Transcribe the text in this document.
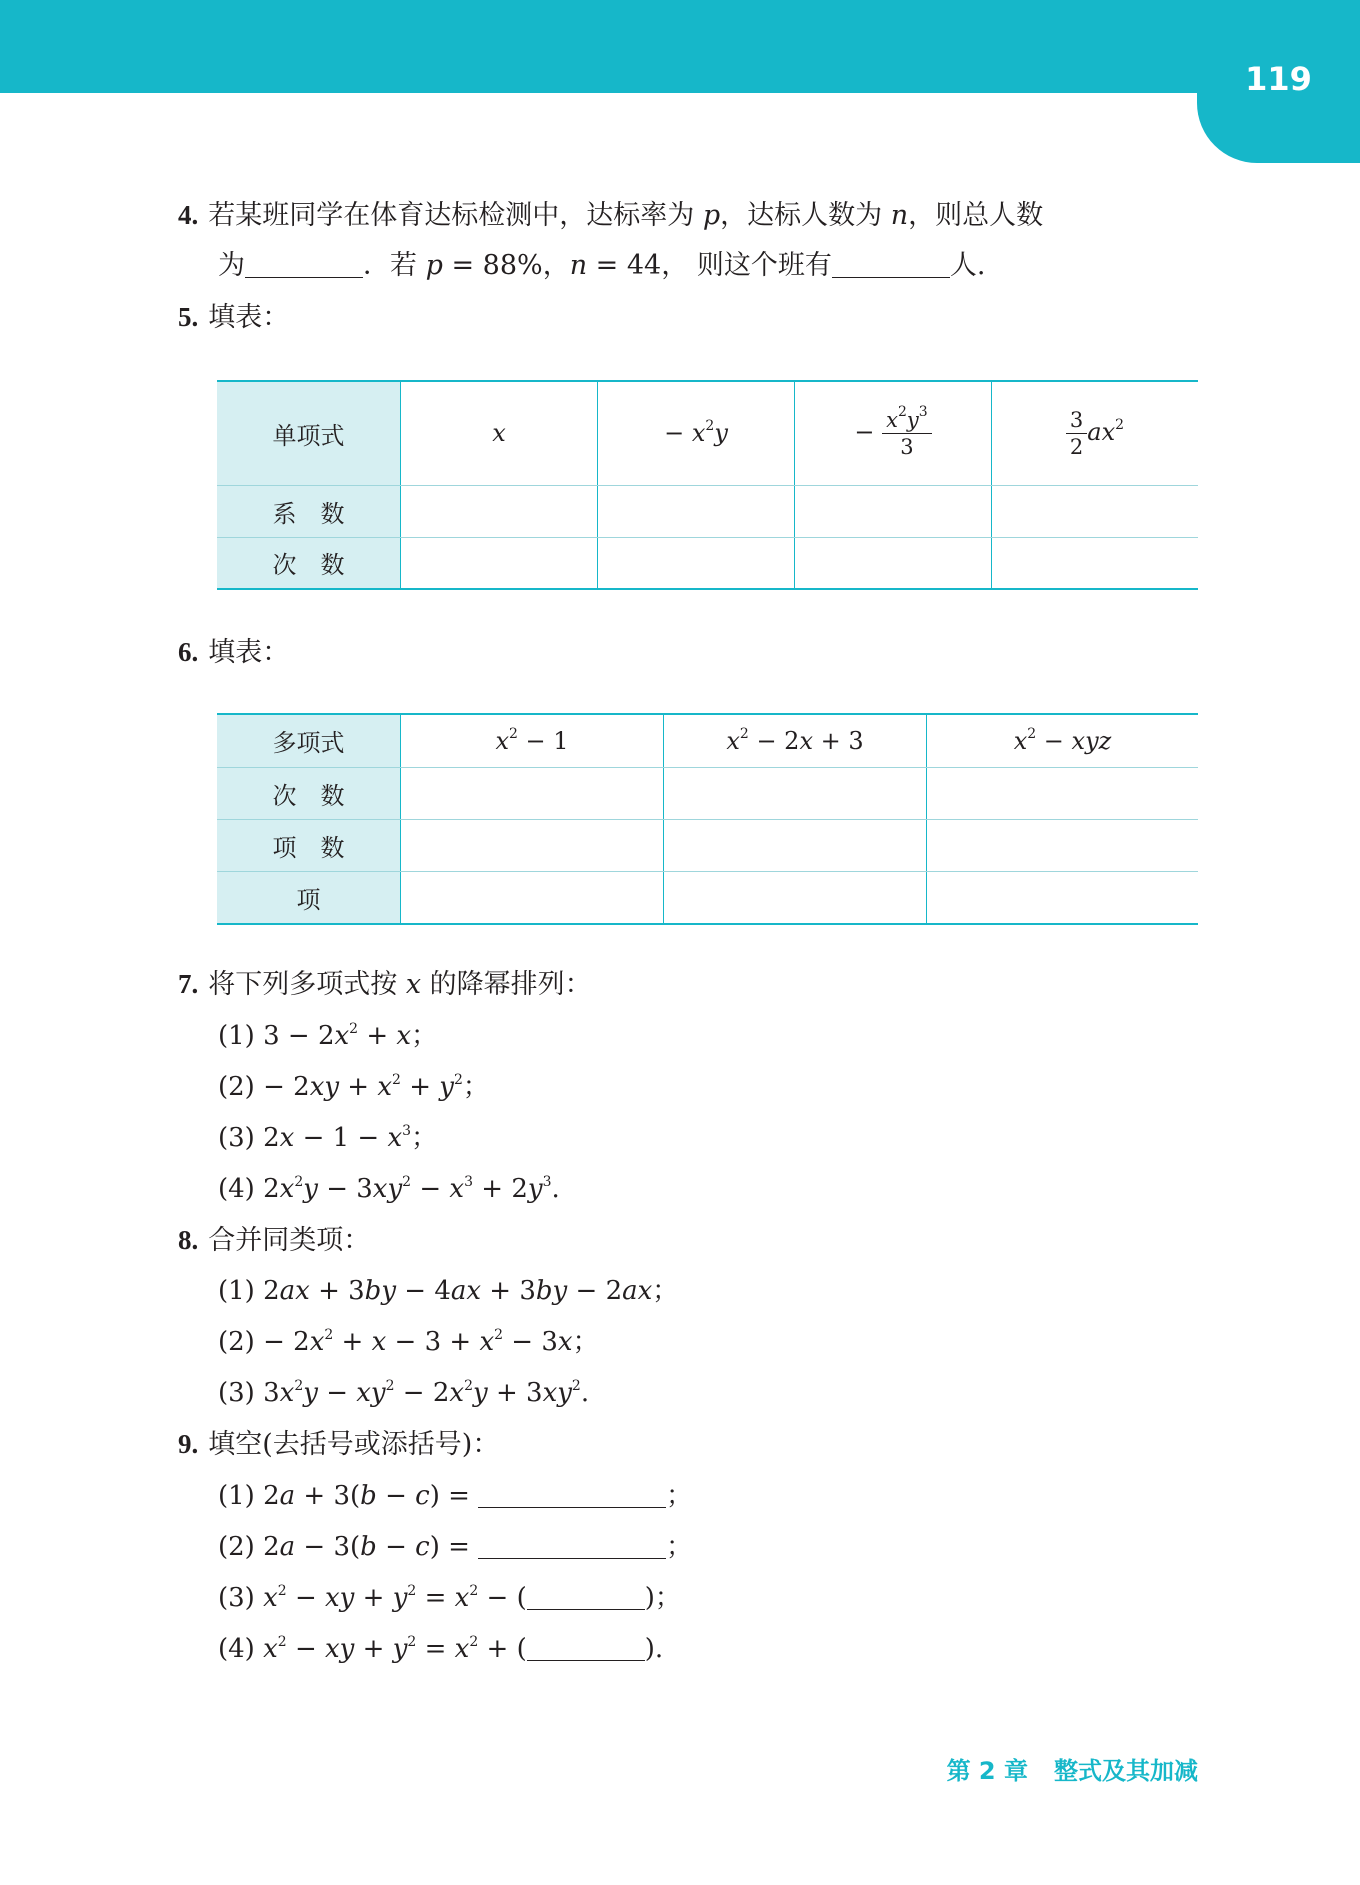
119
4. 若某班同学在体育达标检测中，达标率为 p，达标人数为 n，则总人数
为	．若 p = 88%，n = 44， 则这个班有	人.
5. 填表：
单项式	x	− $x^2y$	− $\frac{x^2y^3}{3}$	$\frac{3}{2} ax^2$
系　数				
次　数				
6. 填表：
多项式	$x^2 - 1$	$x^2 - 2x + 3$	$x^2$ − xyz
次　数			
项　数			
项			
7. 将下列多项式按 x 的降幂排列：
(1) $3 - 2x^2 + x$；
$(2) - 2xy + x^2 + y^2$；
(3) $2x - 1 - x^3$；
(4) $2x^2y - 3xy^2 - x^3 + 2y^3$.
8. 合并同类项：
(1) 2ax + 3by − 4ax + 3by − 2ax；
$(2) - 2x^2 + x - 3 + x^2 - 3x$；
(3) $3x^2y - xy^2 - 2x^2y + 3xy^2$.
9. 填空(去括号或添括号)：
(1) 2a + 3(b − c) =	；
(2) 2a − 3(b − c) =	；
(3) $x^2$ − xy + $y^2 = x^2$ − (	)；
(4) $x^2$ − xy + $y^2 = x^2$ + (	).
第 2 章 整式及其加减
